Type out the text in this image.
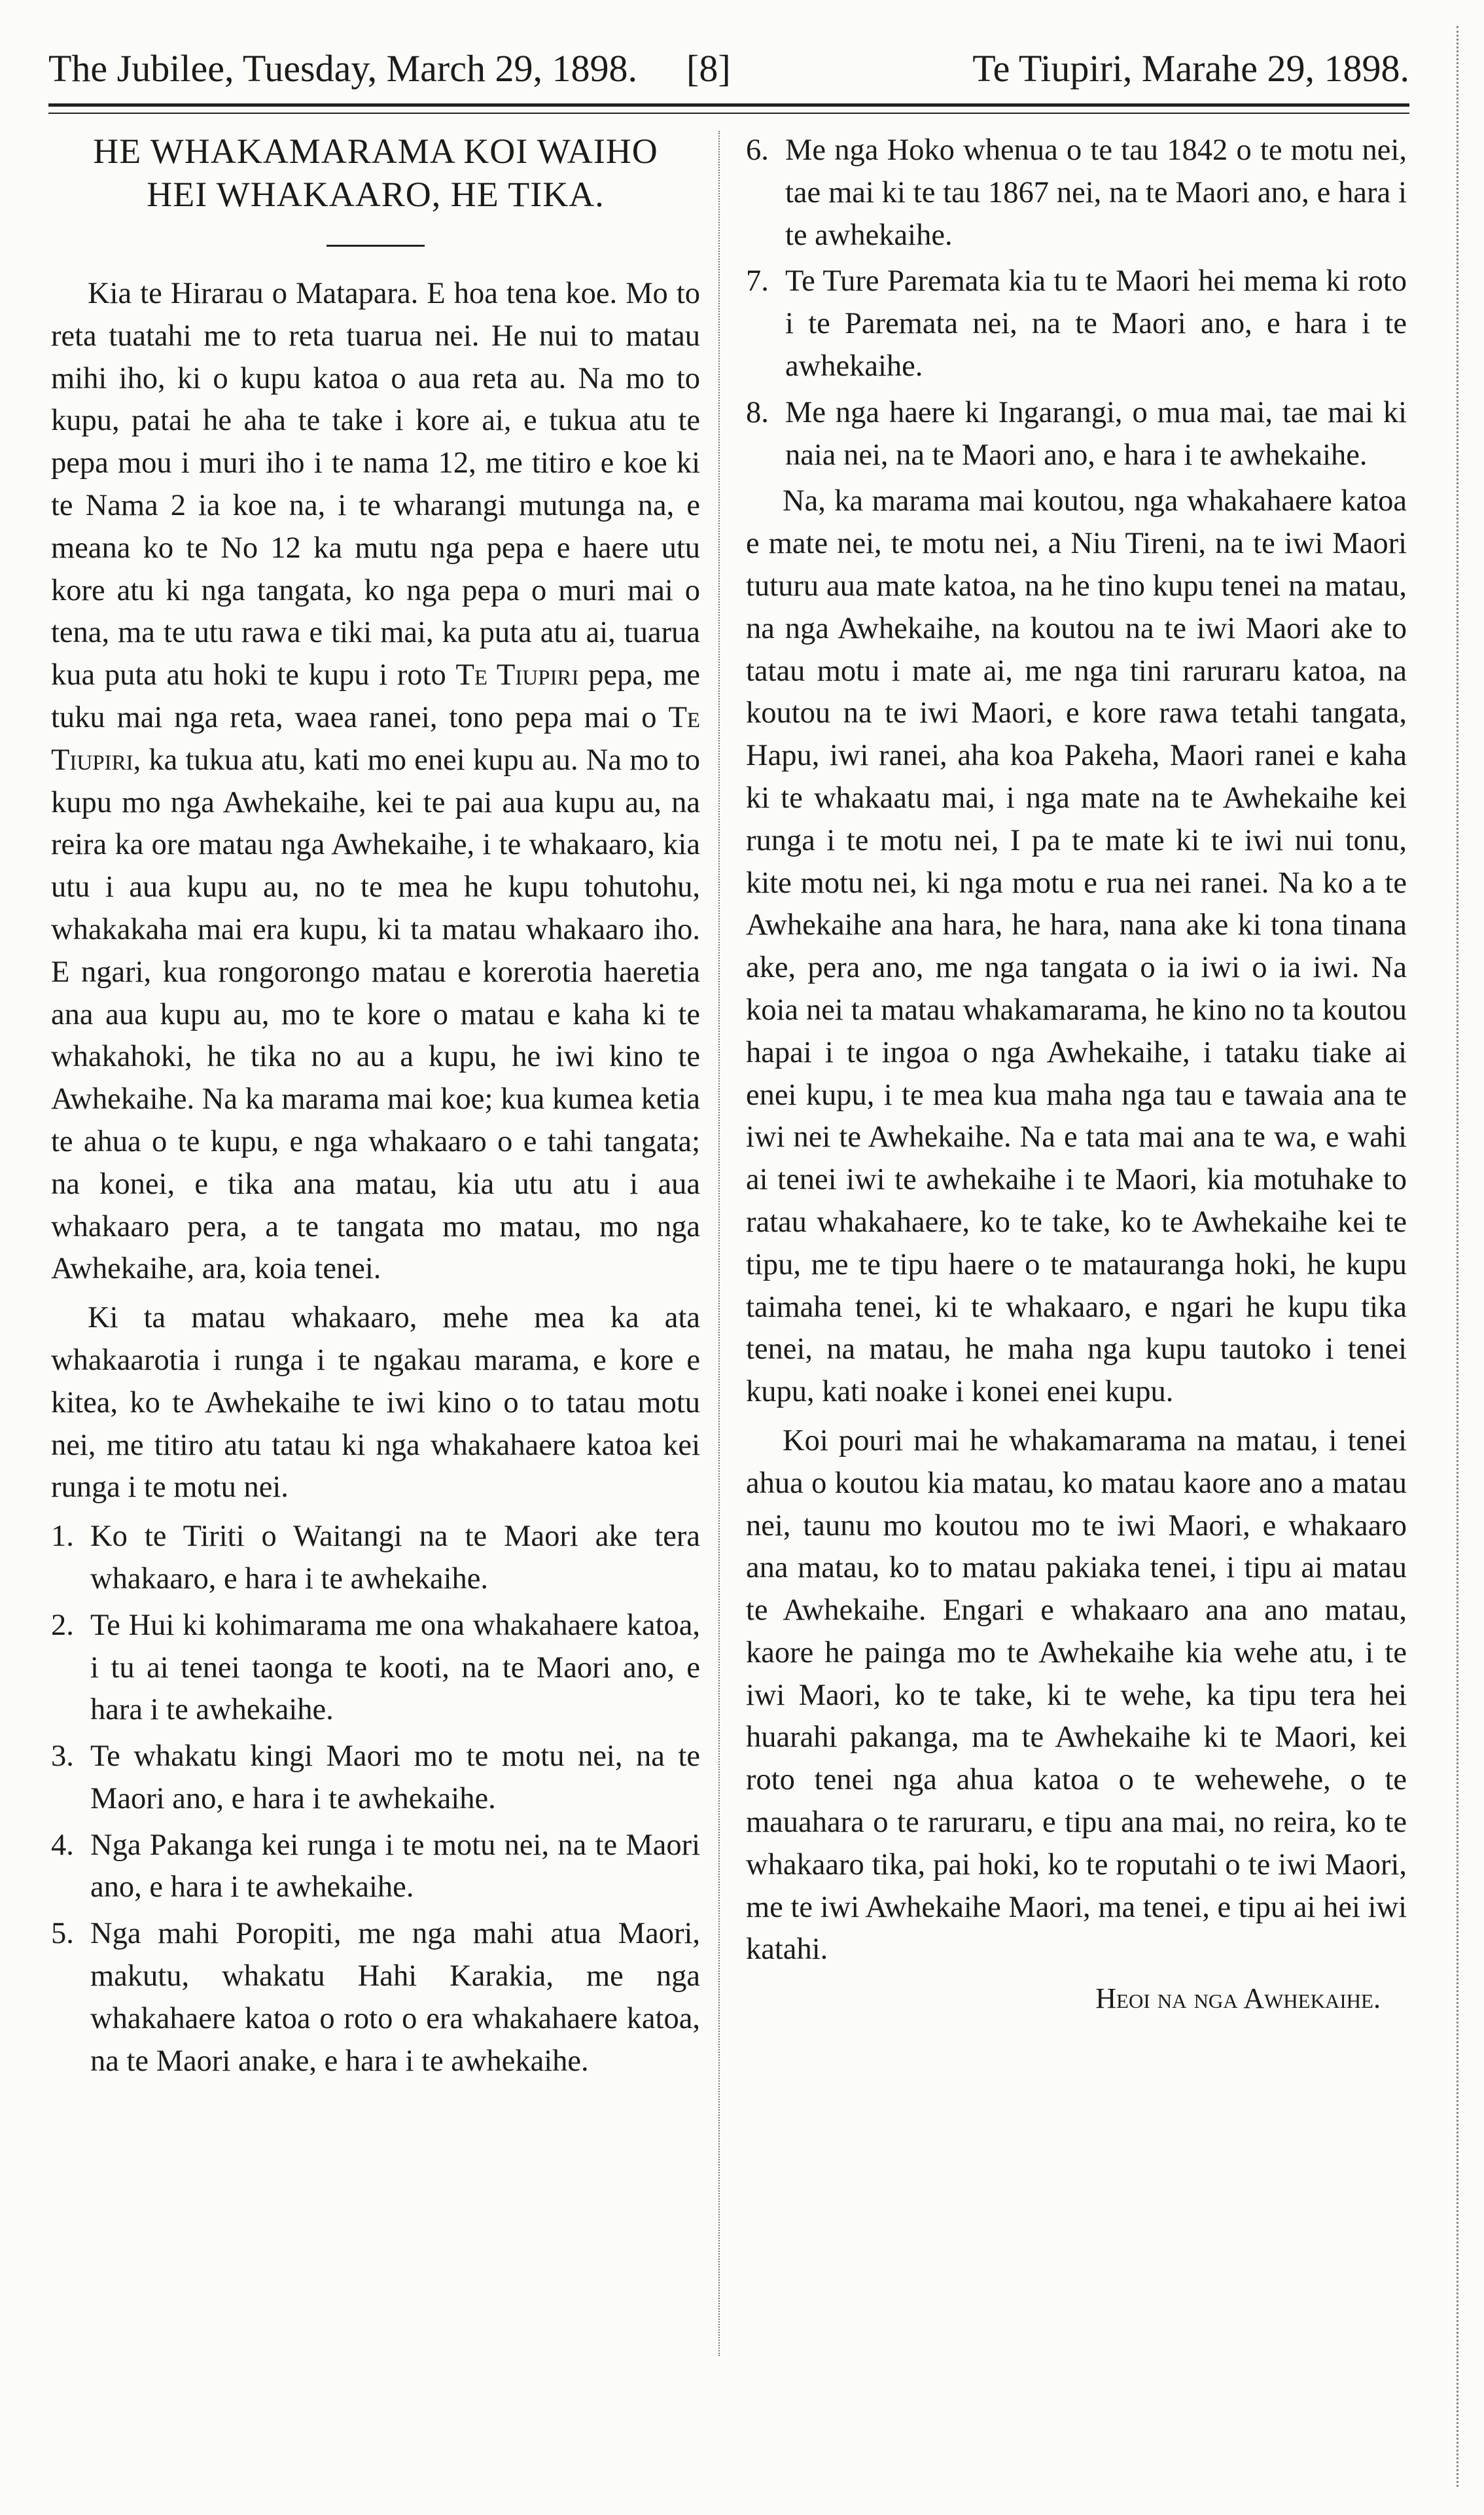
The Jubilee, Tuesday, March 29, 1898. [8]	Te Tiupiri, Marahe 29, 1898.
HE WHAKAMARAMA KOI WAIHO
HEI WHAKAARO, HE TIKA.

Kia te Hirarau o Matapara. E hoa tena koe. Mo to reta tuatahi me to reta tuarua nei. He nui to matau mihi iho, ki o kupu katoa o aua reta au. Na mo to kupu, patai he aha te take i kore ai, e tukua atu te pepa mou i muri iho i te nama 12, me titiro e koe ki te Nama 2 ia koe na, i te wharangi mutunga na, e meana ko te No 12 ka mutu nga pepa e haere utu kore atu ki nga tangata, ko nga pepa o muri mai o tena, ma te utu rawa e tiki mai, ka puta atu ai, tuarua kua puta atu hoki te kupu i roto Te Tiupiri pepa, me tuku mai nga reta, waea ranei, tono pepa mai o Te Tiupiri, ka tukua atu, kati mo enei kupu au. Na mo to kupu mo nga Awhekaihe, kei te pai aua kupu au, na reira ka ore matau nga Awhekaihe, i te whakaaro, kia utu i aua kupu au, no te mea he kupu tohutohu, whakakaha mai era kupu, ki ta matau whakaaro iho. E ngari, kua rongorongo matau e korerotia haeretia ana aua kupu au, mo te kore o matau e kaha ki te whakahoki, he tika no au a kupu, he iwi kino te Awhekaihe. Na ka marama mai koe; kua kumea ketia te ahua o te kupu, e nga whakaaro o e tahi tangata; na konei, e tika ana matau, kia utu atu i aua whakaaro pera, a te tangata mo matau, mo nga Awhekaihe, ara, koia tenei.

Ki ta matau whakaaro, mehe mea ka ata whakaarotia i runga i te ngakau marama, e kore e kitea, ko te Awhekaihe te iwi kino o to tatau motu nei, me titiro atu tatau ki nga whakahaere katoa kei runga i te motu nei.

1. Ko te Tiriti o Waitangi na te Maori ake tera whakaaro, e hara i te awhekaihe.
2. Te Hui ki kohimarama me ona whakahaere katoa, i tu ai tenei taonga te kooti, na te Maori ano, e hara i te awhekaihe.
3. Te whakatu kingi Maori mo te motu nei, na te Maori ano, e hara i te awhekaihe.
4. Nga Pakanga kei runga i te motu nei, na te Maori ano, e hara i te awhekaihe.
5. Nga mahi Poropiti, me nga mahi atua Maori, makutu, whakatu Hahi Karakia, me nga whakahaere katoa o roto o era whakahaere katoa, na te Maori anake, e hara i te awhekaihe.
6. Me nga Hoko whenua o te tau 1842 o te motu nei, tae mai ki te tau 1867 nei, na te Maori ano, e hara i te awhekaihe.
7. Te Ture Paremata kia tu te Maori hei mema ki roto i te Paremata nei, na te Maori ano, e hara i te awhekaihe.
8. Me nga haere ki Ingarangi, o mua mai, tae mai ki naia nei, na te Maori ano, e hara i te awhekaihe.

Na, ka marama mai koutou, nga whakahaere katoa e mate nei, te motu nei, a Niu Tireni, na te iwi Maori tuturu aua mate katoa, na he tino kupu tenei na matau, na nga Awhekaihe, na koutou na te iwi Maori ake to tatau motu i mate ai, me nga tini raruraru katoa, na koutou na te iwi Maori, e kore rawa tetahi tangata, Hapu, iwi ranei, aha koa Pakeha, Maori ranei e kaha ki te whakaatu mai, i nga mate na te Awhekaihe kei runga i te motu nei, I pa te mate ki te iwi nui tonu, kite motu nei, ki nga motu e rua nei ranei. Na ko a te Awhekaihe ana hara, he hara, nana ake ki tona tinana ake, pera ano, me nga tangata o ia iwi o ia iwi. Na koia nei ta matau whakamarama, he kino no ta koutou hapai i te ingoa o nga Awhekaihe, i tataku tiake ai enei kupu, i te mea kua maha nga tau e tawaia ana te iwi nei te Awhekaihe. Na e tata mai ana te wa, e wahi ai tenei iwi te awhekaihe i te Maori, kia motuhake to ratau whakahaere, ko te take, ko te Awhekaihe kei te tipu, me te tipu haere o te matauranga hoki, he kupu taimaha tenei, ki te whakaaro, e ngari he kupu tika tenei, na matau, he maha nga kupu tautoko i tenei kupu, kati noake i konei enei kupu.

Koi pouri mai he whakamarama na matau, i tenei ahua o koutou kia matau, ko matau kaore ano a matau nei, taunu mo koutou mo te iwi Maori, e whakaaro ana matau, ko to matau pakiaka tenei, i tipu ai matau te Awhekaihe. Engari e whakaaro ana ano matau, kaore he painga mo te Awhekaihe kia wehe atu, i te iwi Maori, ko te take, ki te wehe, ka tipu tera hei huarahi pakanga, ma te Awhekaihe ki te Maori, kei roto tenei nga ahua katoa o te wehewehe, o te mauahara o te raruraru, e tipu ana mai, no reira, ko te whakaaro tika, pai hoki, ko te roputahi o te iwi Maori, me te iwi Awhekaihe Maori, ma tenei, e tipu ai hei iwi katahi.

Heoi na nga Awhekaihe.
